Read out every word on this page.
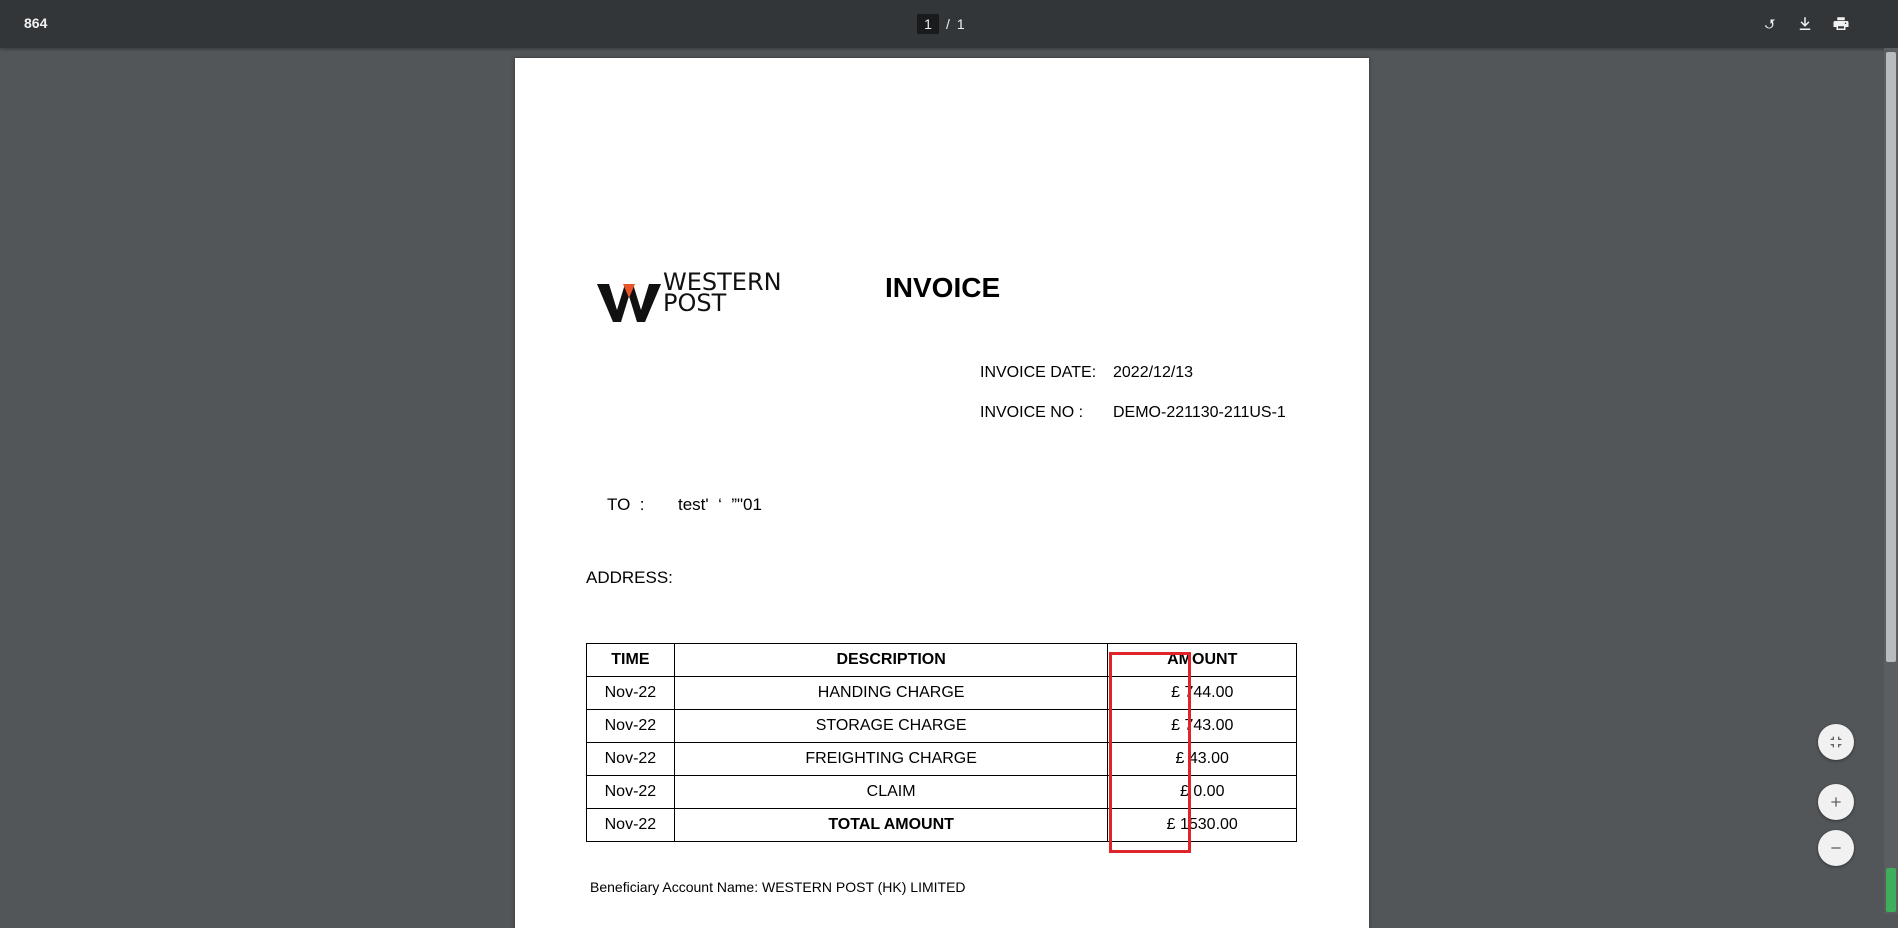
864
1	/ 1
WESTERN
POST	INVOICE
INVOICE DATE: 2022/12/13
INVOICE NO : DEMO-221130-211US-1
TO  : test'  ‘  ”"01
ADDRESS:
TIME	DESCRIPTION	AMOUNT
Nov-22	HANDING CHARGE	£ 744.00
Nov-22	STORAGE CHARGE	£ 743.00
Nov-22	FREIGHTING CHARGE	£ 43.00
Nov-22	CLAIM	£ 0.00
Nov-22	TOTAL AMOUNT	£ 1530.00
Beneficiary Account Name: WESTERN POST (HK) LIMITED
